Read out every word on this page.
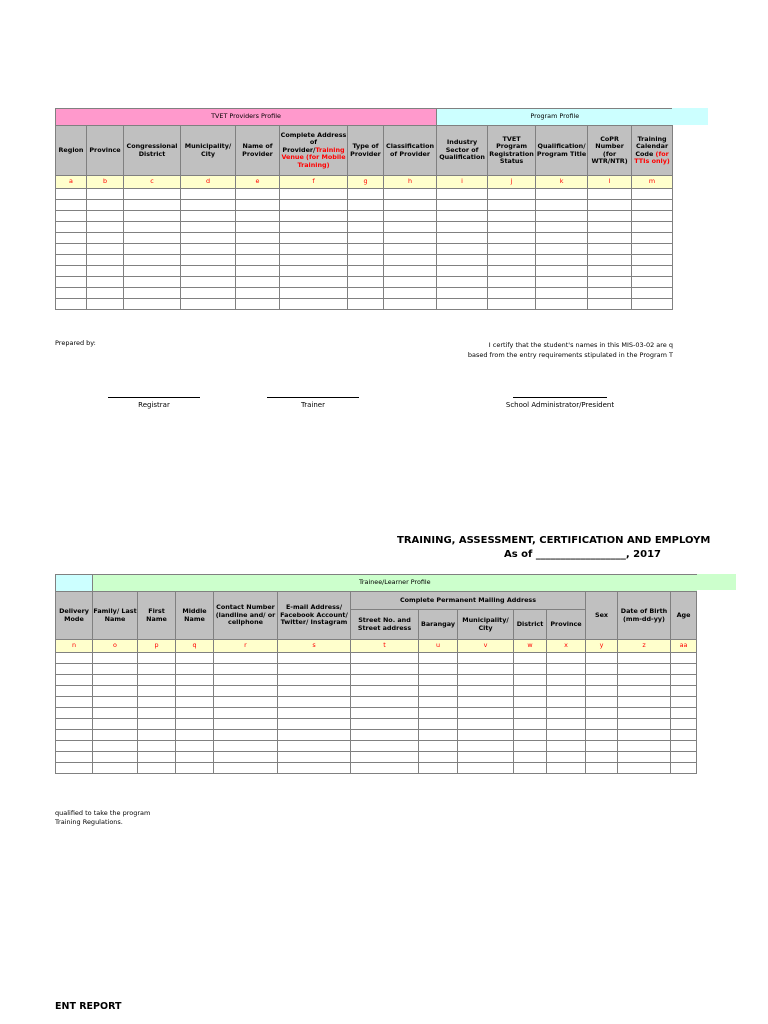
TVET Providers Profile								Program Profile				
Region	Province	Congressional District	Municipality/ City	Name of Provider	Complete Address of Provider/Training Venue (for Mobile Training)	Type of Provider	Classification of Provider	Industry Sector of Qualification	TVET Program Registration Status	Qualification/ Program Title	CoPR Number (for WTR/NTR)	Training Calendar Code (for TTIs only)
a	b	c	d	e	f	g	h	i	j	k	l	m

Prepared by:	I certify that the student's names in this MIS-03-02 are q
based from the entry requirements stipulated in the Program T
Registrar	Trainer	School Administrator/President
TRAINING, ASSESSMENT, CERTIFICATION AND EMPLOYM
As of __________________, 2017
	Trainee/Learner Profile												
Delivery Mode	Family/ Last Name	First Name	Middle Name	Contact Number (landline and/ or cellphone	E-mail Address/ Facebook Account/ Twitter/ Instagram	Complete Permanent Mailing Address					Sex	Date of Birth (mm-dd-yy)	Age
						Street No. and Street address	Barangay	Municipality/ City	District	Province			
n	o	p	q	r	s	t	u	v	w	x	y	z	aa

qualified to take the program
Training Regulations.
ENT REPORT
